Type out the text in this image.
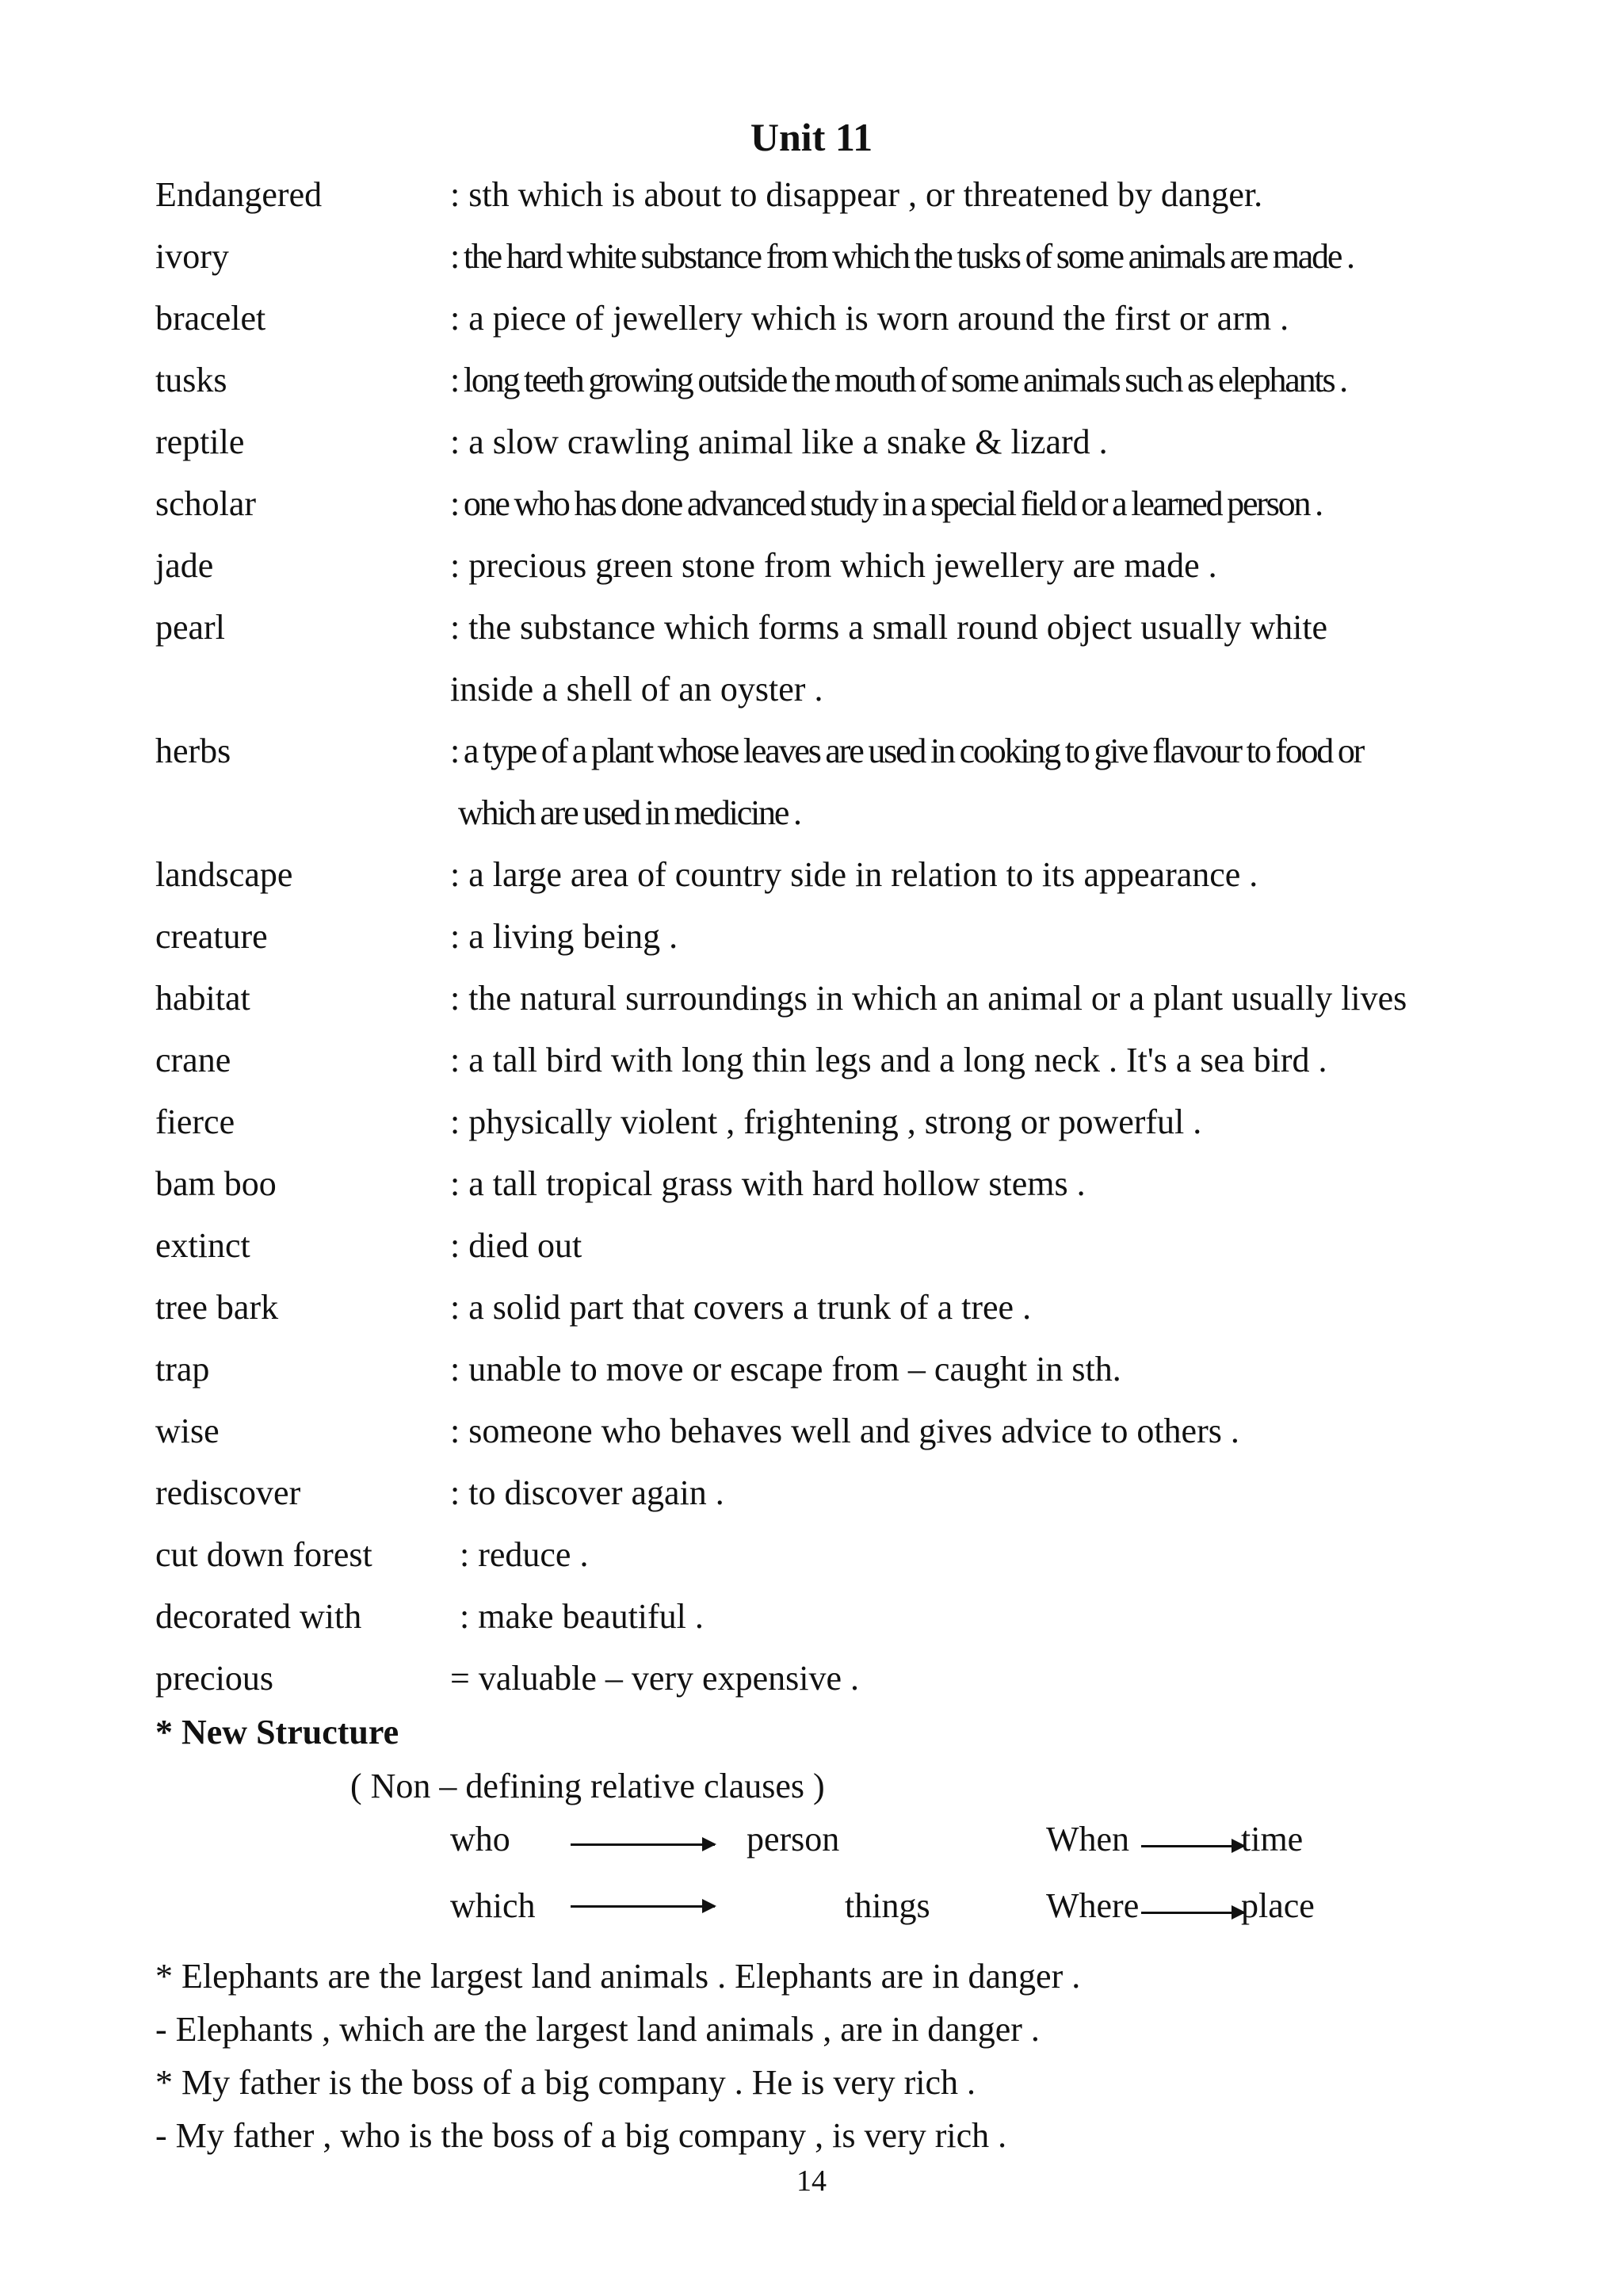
Unit 11
Endangered	: sth which is about to disappear , or threatened by danger.
ivory	: the hard white substance from which the tusks of some animals are made .
bracelet	: a piece of jewellery which is worn around the first or arm .
tusks	: long teeth growing outside the mouth of some animals such as elephants .
reptile	: a slow crawling animal like a snake & lizard .
scholar	: one who has done advanced study in a special field or a learned person .
jade	: precious green stone from which jewellery are made .
pearl	: the substance which forms a small round object usually white
inside a shell of an oyster .
herbs	: a type of a plant whose leaves are used in cooking to give flavour to food or
which are used in medicine .
landscape	: a large area of country side in relation to its appearance .
creature	: a living being .
habitat	: the natural surroundings in which an animal or a plant usually lives
crane	: a tall bird with long thin legs and a long neck . It's a sea bird .
fierce	: physically violent , frightening , strong or powerful .
bam boo	: a tall tropical grass with hard hollow stems .
extinct	: died out
tree bark	: a solid part that covers a trunk of a tree .
trap	: unable to move or escape from – caught in sth.
wise	: someone who behaves well and gives advice to others .
rediscover	: to discover again .
cut down forest	: reduce .
decorated with	: make beautiful .
precious	= valuable – very expensive .
* New Structure
( Non – defining relative clauses )
who	person
which	things
When	time
Where	place
* Elephants are the largest land animals . Elephants are in danger .
- Elephants , which are the largest land animals , are in danger .
* My father is the boss of a big company . He is very rich .
- My father , who is the boss of a big company , is very rich .
14
